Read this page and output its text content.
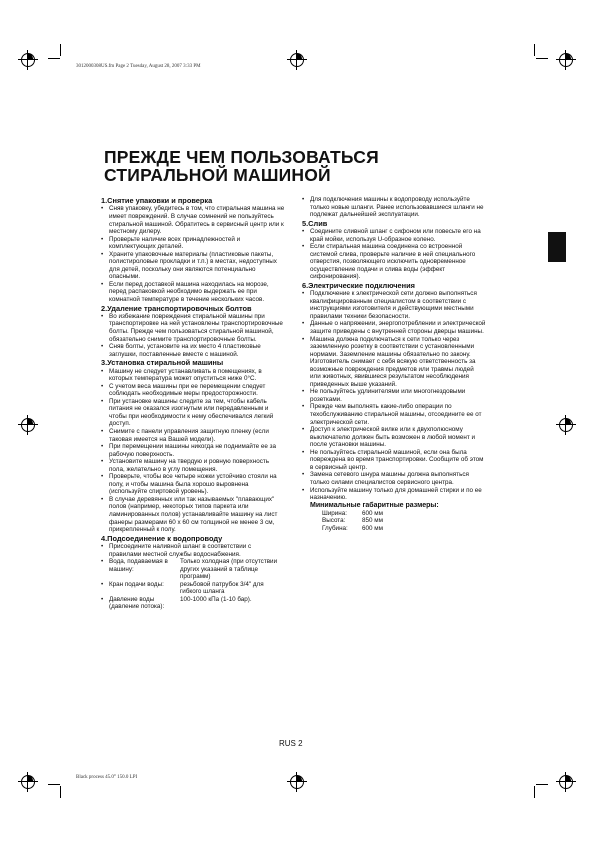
3012000308US.fm Page 2 Tuesday, August 28, 2007 3:33 PM
Black process 45.0° 150.0 LPI
ПРЕЖДЕ ЧЕМ ПОЛЬЗОВАТЬСЯ
СТИРАЛЬНОЙ МАШИНОЙ
1.Снятие упаковки и проверка
• Сняв упаковку, убедитесь в том, что стиральная машина не имеет повреждений. В случае сомнений не пользуйтесь стиральной машиной. Обратитесь в сервисный центр или к местному дилеру.
• Проверьте наличие всех принадлежностей и комплектующих деталей.
• Храните упаковочные материалы (пластиковые пакеты, полистироловые прокладки и т.п.) в местах, недоступных для детей, поскольку они являются потенциально опасными.
• Если перед доставкой машина находилась на морозе, перед распаковкой необходимо выдержать ее при комнатной температуре в течение нескольких часов.
2.Удаление транспортировочных болтов
• Во избежание повреждения стиральной машины при транспортировке на ней установлены транспортировочные болты. Прежде чем пользоваться стиральной машиной, обязательно снимите транспортировочные болты.
• Сняв болты, установите на их место 4 пластиковые заглушки, поставленные вместе с машиной.
3.Установка стиральной машины
• Машину не следует устанавливать в помещениях, в которых температура может опуститься ниже 0°C.
• С учетом веса машины при ее перемещении следует соблюдать необходимые меры предосторожности.
• При установке машины следите за тем, чтобы кабель питания не оказался изогнутым или передавленным и чтобы при необходимости к нему обеспечивался легкий доступ.
• Снимите с панели управления защитную пленку (если таковая имеется на Вашей модели).
• При перемещении машины никогда не поднимайте ее за рабочую поверхность.
• Установите машину на твердую и ровную поверхность пола, желательно в углу помещения.
• Проверьте, чтобы все четыре ножки устойчиво стояли на полу, и чтобы машина была хорошо выровнена (используйте спиртовой уровень).
• В случае деревянных или так называемых "плавающих" полов (например, некоторых типов паркета или ламинированных полов) устанавливайте машину на лист фанеры размерами 60 х 60 см толщиной не менее 3 см, прикрепленный к полу.
4.Подсоединение к водопроводу
• Присоедините наливной шланг в соответствии с правилами местной службы водоснабжения.
• Вода, подаваемая в машину:
Только холодная (при отсутствии других указаний в таблице программ)
• Кран подачи воды:	резьбовой патрубок 3/4" для гибкого шланга
• Давление воды (давление потока):
100-1000 кПа (1-10 бар).
• Для подключения машины к водопроводу используйте только новые шланги. Ранее использовавшиеся шланги не подлежат дальнейшей эксплуатации.
5.Слив
• Соедините сливной шланг с сифоном или повесьте его на край мойки, используя U-образное колено.
• Если стиральная машина соединена со встроенной системой слива, проверьте наличие в ней специального отверстия, позволяющего исключить одновременное осуществление подачи и слива воды (эффект сифонирования).
6.Электрические подключения
• Подключение к электрической сети должно выполняться квалифицированным специалистом в соответствии с инструкциями изготовителя и действующими местными правилами техники безопасности.
• Данные о напряжении, энергопотреблении и электрической защите приведены с внутренней стороны дверцы машины.
• Машина должна подключаться к сети только через заземленную розетку в соответствии с установленными нормами. Заземление машины обязательно по закону. Изготовитель снимает с себя всякую ответственность за возможные повреждения предметов или травмы людей или животных, явившиеся результатом несоблюдения приведенных выше указаний.
• Не пользуйтесь удлинителями или многогнездовыми розетками.
• Прежде чем выполнять какие-либо операции по техобслуживанию стиральной машины, отсоедините ее от электрической сети.
• Доступ к электрической вилке или к двухполюсному выключателю должен быть возможен в любой момент и после установки машины.
• Не пользуйтесь стиральной машиной, если она была повреждена во время транспортировки. Сообщите об этом в сервисный центр.
• Замена сетевого шнура машины должна выполняться только силами специалистов сервисного центра.
• Используйте машину только для домашней стирки и по ее назначению.
Минимальные габаритные размеры:
Ширина:	600 мм
Высота:	850 мм
Глубина:	600 мм
RUS 2
